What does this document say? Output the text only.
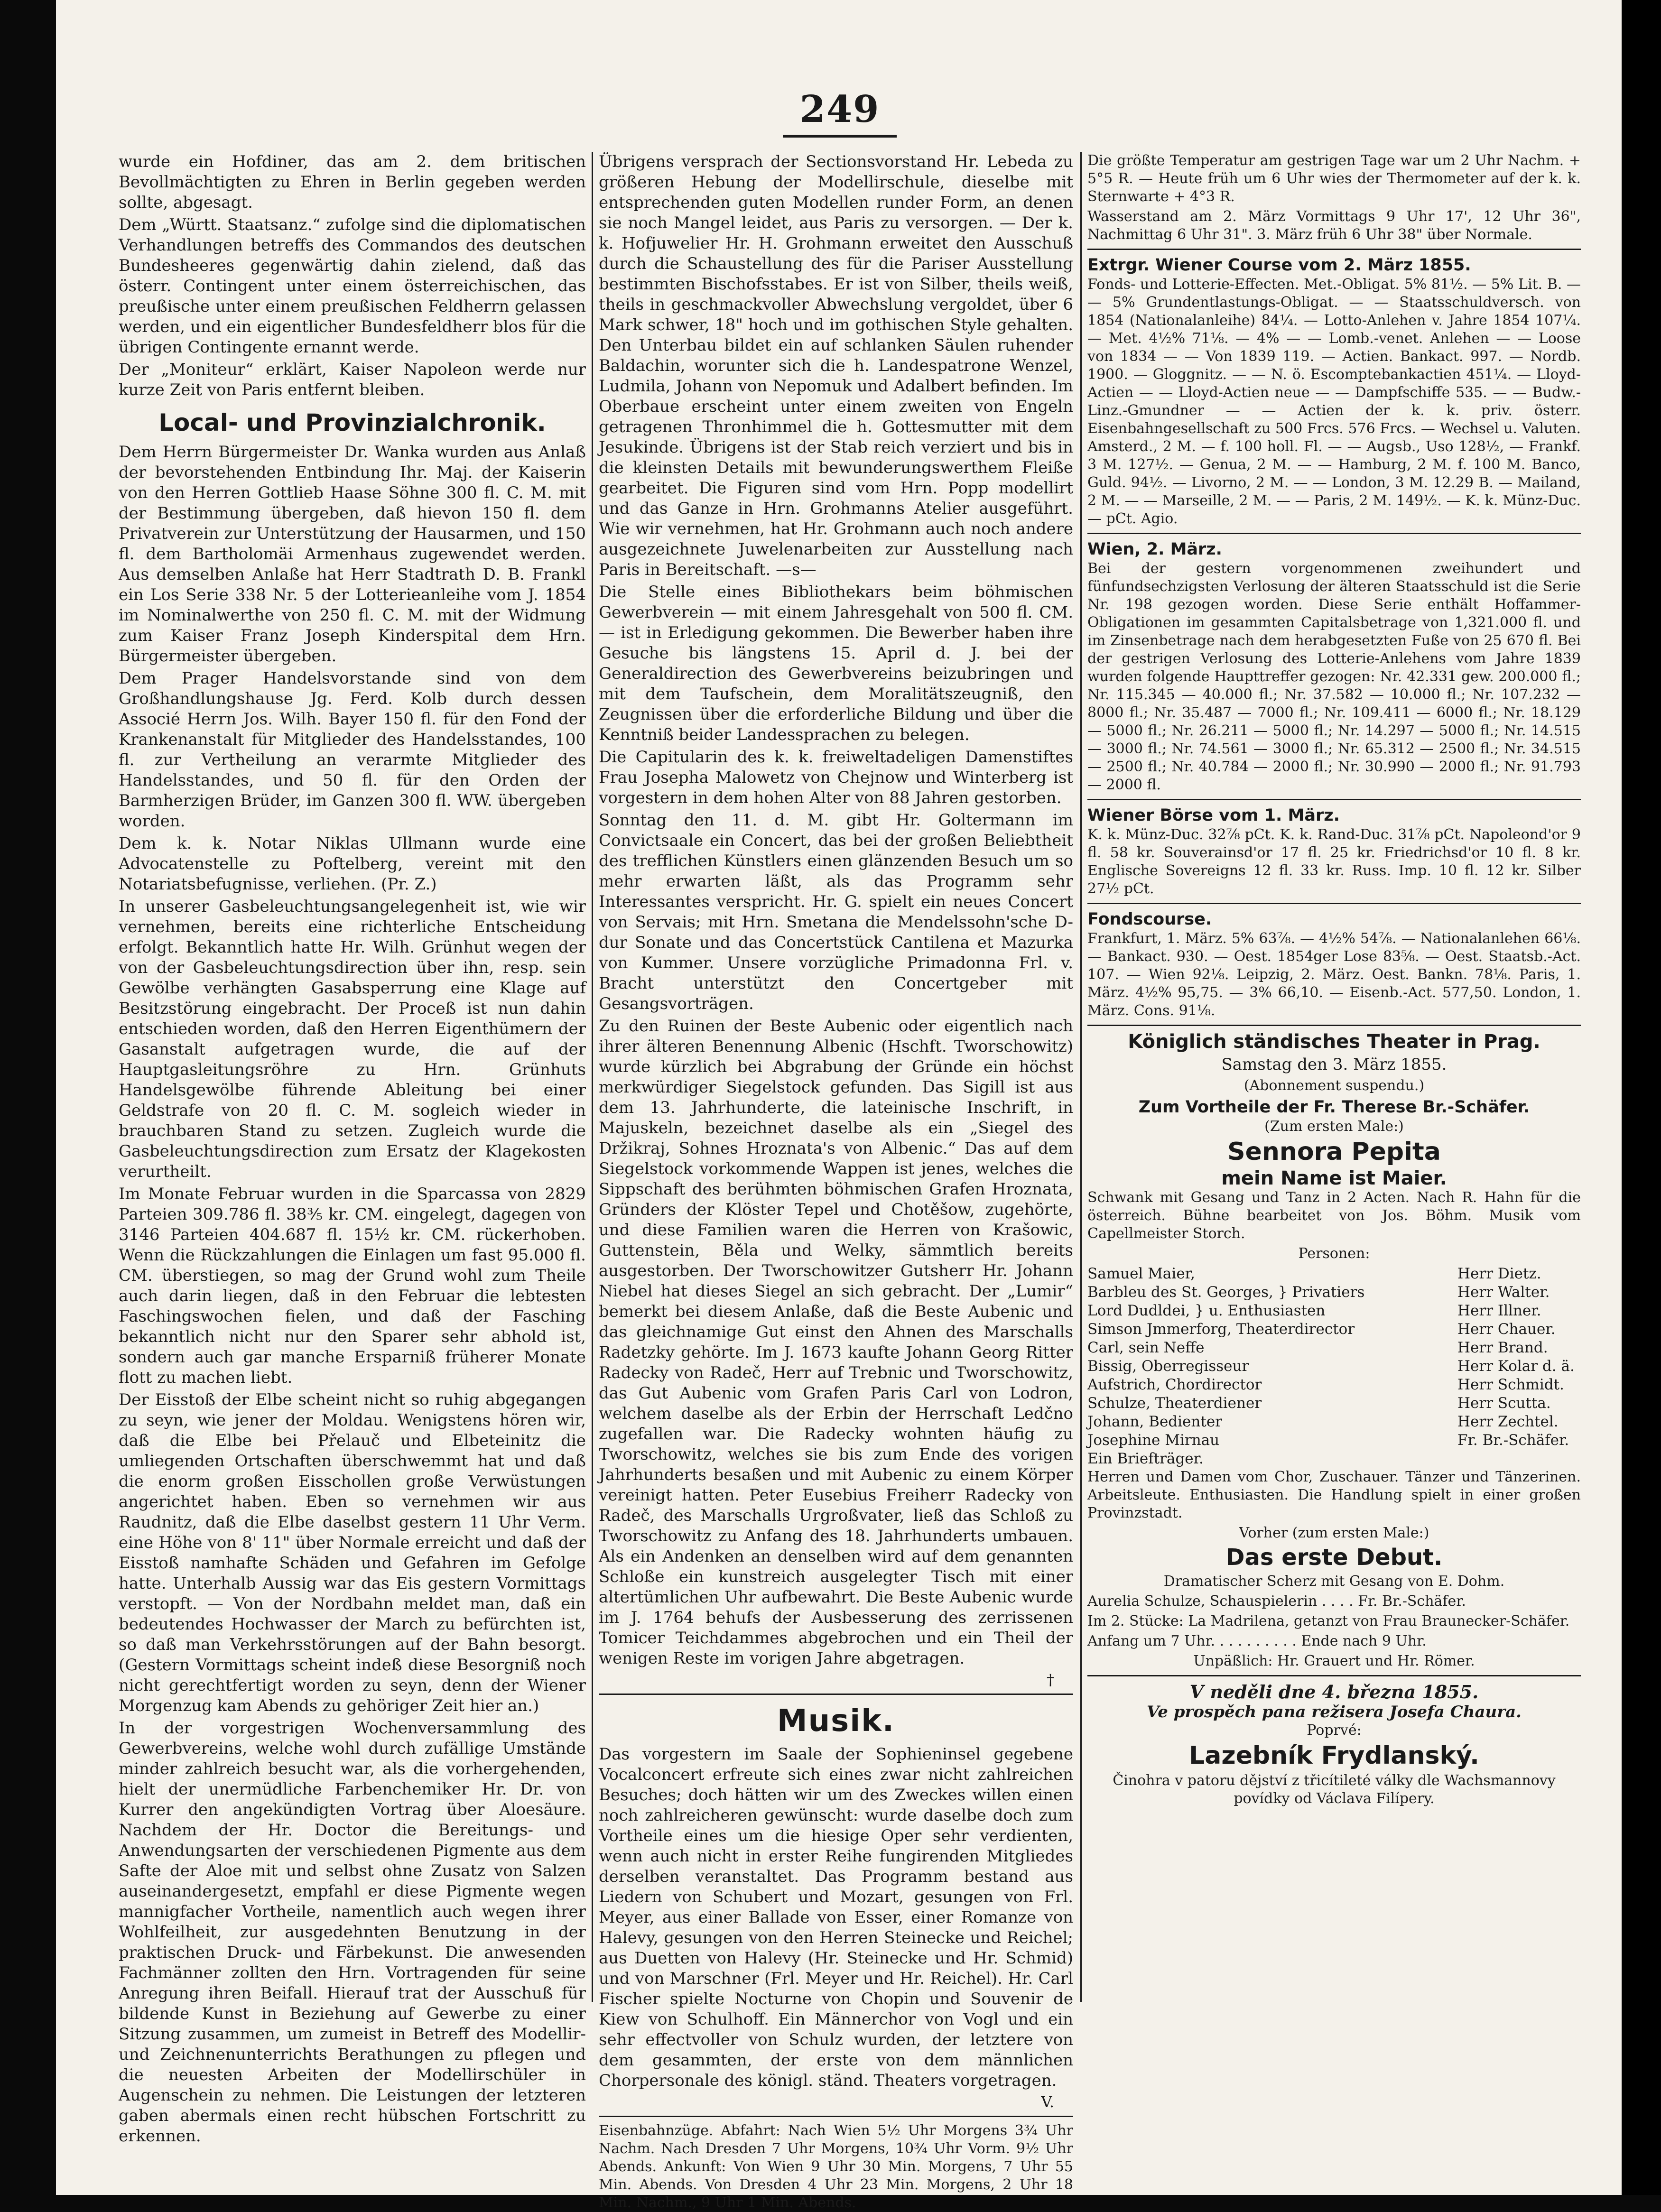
249

wurde ein Hofdiner, das am 2. dem britischen Bevollmächtigten zu Ehren in Berlin gegeben werden sollte, abgesagt.

Dem „Württ. Staatsanz.“ zufolge sind die diplomatischen Verhandlungen betreffs des Commandos des deutschen Bundesheeres gegenwärtig dahin zielend, daß das österr. Contingent unter einem österreichischen, das preußische unter einem preußischen Feldherrn gelassen werden, und ein eigentlicher Bundesfeldherr blos für die übrigen Contingente ernannt werde.

Der „Moniteur“ erklärt, Kaiser Napoleon werde nur kurze Zeit von Paris entfernt bleiben.

Local- und Provinzialchronik.

Dem Herrn Bürgermeister Dr. Wanka wurden aus Anlaß der bevorstehenden Entbindung Ihr. Maj. der Kaiserin von den Herren Gottlieb Haase Söhne 300 fl. C. M. mit der Bestimmung übergeben, daß hievon 150 fl. dem Privatverein zur Unterstützung der Hausarmen, und 150 fl. dem Bartholomäi Armenhaus zugewendet werden. Aus demselben Anlaße hat Herr Stadtrath D. B. Frankl ein Los Serie 338 Nr. 5 der Lotterieanleihe vom J. 1854 im Nominalwerthe von 250 fl. C. M. mit der Widmung zum Kaiser Franz Joseph Kinderspital dem Hrn. Bürgermeister übergeben.

Dem Prager Handelsvorstande sind von dem Großhandlungshause Jg. Ferd. Kolb durch dessen Associé Herrn Jos. Wilh. Bayer 150 fl. für den Fond der Krankenanstalt für Mitglieder des Handelsstandes, 100 fl. zur Vertheilung an verarmte Mitglieder des Handelsstandes, und 50 fl. für den Orden der Barmherzigen Brüder, im Ganzen 300 fl. WW. übergeben worden.

Dem k. k. Notar Niklas Ullmann wurde eine Advocatenstelle zu Poftelberg, vereint mit den Notariatsbefugnisse, verliehen. (Pr. Z.)

In unserer Gasbeleuchtungsangelegenheit ist, wie wir vernehmen, bereits eine richterliche Entscheidung erfolgt. Bekanntlich hatte Hr. Wilh. Grünhut wegen der von der Gasbeleuchtungsdirection über ihn, resp. sein Gewölbe verhängten Gasabsperrung eine Klage auf Besitzstörung eingebracht. Der Proceß ist nun dahin entschieden worden, daß den Herren Eigenthümern der Gasanstalt aufgetragen wurde, die auf der Hauptgasleitungsröhre zu Hrn. Grünhuts Handelsgewölbe führende Ableitung bei einer Geldstrafe von 20 fl. C. M. sogleich wieder in brauchbaren Stand zu setzen. Zugleich wurde die Gasbeleuchtungsdirection zum Ersatz der Klagekosten verurtheilt.

Im Monate Februar wurden in die Sparcassa von 2829 Parteien 309.786 fl. 38⅗ kr. CM. eingelegt, dagegen von 3146 Parteien 404.687 fl. 15½ kr. CM. rückerhoben. Wenn die Rückzahlungen die Einlagen um fast 95.000 fl. CM. überstiegen, so mag der Grund wohl zum Theile auch darin liegen, daß in den Februar die lebtesten Faschingswochen fielen, und daß der Fasching bekanntlich nicht nur den Sparer sehr abhold ist, sondern auch gar manche Ersparniß früherer Monate flott zu machen liebt.

Der Eisstoß der Elbe scheint nicht so ruhig abgegangen zu seyn, wie jener der Moldau. Wenigstens hören wir, daß die Elbe bei Přelauč und Elbeteinitz die umliegenden Ortschaften überschwemmt hat und daß die enorm großen Eisschollen große Verwüstungen angerichtet haben. Eben so vernehmen wir aus Raudnitz, daß die Elbe daselbst gestern 11 Uhr Verm. eine Höhe von 8' 11" über Normale erreicht und daß der Eisstoß namhafte Schäden und Gefahren im Gefolge hatte. Unterhalb Aussig war das Eis gestern Vormittags verstopft. — Von der Nordbahn meldet man, daß ein bedeutendes Hochwasser der March zu befürchten ist, so daß man Verkehrsstörungen auf der Bahn besorgt. (Gestern Vormittags scheint indeß diese Besorgniß noch nicht gerechtfertigt worden zu seyn, denn der Wiener Morgenzug kam Abends zu gehöriger Zeit hier an.)

In der vorgestrigen Wochenversammlung des Gewerbvereins, welche wohl durch zufällige Umstände minder zahlreich besucht war, als die vorhergehenden, hielt der unermüdliche Farbenchemiker Hr. Dr. von Kurrer den angekündigten Vortrag über Aloesäure. Nachdem der Hr. Doctor die Bereitungs- und Anwendungsarten der verschiedenen Pigmente aus dem Safte der Aloe mit und selbst ohne Zusatz von Salzen auseinandergesetzt, empfahl er diese Pigmente wegen mannigfacher Vortheile, namentlich auch wegen ihrer Wohlfeilheit, zur ausgedehnten Benutzung in der praktischen Druck- und Färbekunst. Die anwesenden Fachmänner zollten den Hrn. Vortragenden für seine Anregung ihren Beifall. Hierauf trat der Ausschuß für bildende Kunst in Beziehung auf Gewerbe zu einer Sitzung zusammen, um zumeist in Betreff des Modellir- und Zeichnenunterrichts Berathungen zu pflegen und die neuesten Arbeiten der Modellirschüler in Augenschein zu nehmen. Die Leistungen der letzteren gaben abermals einen recht hübschen Fortschritt zu erkennen.

Übrigens versprach der Sectionsvorstand Hr. Lebeda zu größeren Hebung der Modellirschule, dieselbe mit entsprechenden guten Modellen runder Form, an denen sie noch Mangel leidet, aus Paris zu versorgen. — Der k. k. Hofjuwelier Hr. H. Grohmann erweitet den Ausschuß durch die Schaustellung des für die Pariser Ausstellung bestimmten Bischofsstabes. Er ist von Silber, theils weiß, theils in geschmackvoller Abwechslung vergoldet, über 6 Mark schwer, 18" hoch und im gothischen Style gehalten. Den Unterbau bildet ein auf schlanken Säulen ruhender Baldachin, worunter sich die h. Landespatrone Wenzel, Ludmila, Johann von Nepomuk und Adalbert befinden. Im Oberbaue erscheint unter einem zweiten von Engeln getragenen Thronhimmel die h. Gottesmutter mit dem Jesukinde. Übrigens ist der Stab reich verziert und bis in die kleinsten Details mit bewunderungswerthem Fleiße gearbeitet. Die Figuren sind vom Hrn. Popp modellirt und das Ganze in Hrn. Grohmanns Atelier ausgeführt. Wie wir vernehmen, hat Hr. Grohmann auch noch andere ausgezeichnete Juwelenarbeiten zur Ausstellung nach Paris in Bereitschaft. —s—

Die Stelle eines Bibliothekars beim böhmischen Gewerbverein — mit einem Jahresgehalt von 500 fl. CM. — ist in Erledigung gekommen. Die Bewerber haben ihre Gesuche bis längstens 15. April d. J. bei der Generaldirection des Gewerbvereins beizubringen und mit dem Taufschein, dem Moralitätszeugniß, den Zeugnissen über die erforderliche Bildung und über die Kenntniß beider Landessprachen zu belegen.

Die Capitularin des k. k. freiweltadeligen Damenstiftes Frau Josepha Malowetz von Chejnow und Winterberg ist vorgestern in dem hohen Alter von 88 Jahren gestorben.

Sonntag den 11. d. M. gibt Hr. Goltermann im Convictsaale ein Concert, das bei der großen Beliebtheit des trefflichen Künstlers einen glänzenden Besuch um so mehr erwarten läßt, als das Programm sehr Interessantes verspricht. Hr. G. spielt ein neues Concert von Servais; mit Hrn. Smetana die Mendelssohn'sche D-dur Sonate und das Concertstück Cantilena et Mazurka von Kummer. Unsere vorzügliche Primadonna Frl. v. Bracht unterstützt den Concertgeber mit Gesangsvorträgen.

Zu den Ruinen der Beste Aubenic oder eigentlich nach ihrer älteren Benennung Albenic (Hschft. Tworschowitz) wurde kürzlich bei Abgrabung der Gründe ein höchst merkwürdiger Siegelstock gefunden. Das Sigill ist aus dem 13. Jahrhunderte, die lateinische Inschrift, in Majuskeln, bezeichnet daselbe als ein „Siegel des Držikraj, Sohnes Hroznata's von Albenic.“ Das auf dem Siegelstock vorkommende Wappen ist jenes, welches die Sippschaft des berühmten böhmischen Grafen Hroznata, Gründers der Klöster Tepel und Chotěšow, zugehörte, und diese Familien waren die Herren von Krašowic, Guttenstein, Běla und Welky, sämmtlich bereits ausgestorben. Der Tworschowitzer Gutsherr Hr. Johann Niebel hat dieses Siegel an sich gebracht. Der „Lumir“ bemerkt bei diesem Anlaße, daß die Beste Aubenic und das gleichnamige Gut einst den Ahnen des Marschalls Radetzky gehörte. Im J. 1673 kaufte Johann Georg Ritter Radecky von Radeč, Herr auf Trebnic und Tworschowitz, das Gut Aubenic vom Grafen Paris Carl von Lodron, welchem daselbe als der Erbin der Herrschaft Ledčno zugefallen war. Die Radecky wohnten häufig zu Tworschowitz, welches sie bis zum Ende des vorigen Jahrhunderts besaßen und mit Aubenic zu einem Körper vereinigt hatten. Peter Eusebius Freiherr Radecky von Radeč, des Marschalls Urgroßvater, ließ das Schloß zu Tworschowitz zu Anfang des 18. Jahrhunderts umbauen. Als ein Andenken an denselben wird auf dem genannten Schloße ein kunstreich ausgelegter Tisch mit einer altertümlichen Uhr aufbewahrt. Die Beste Aubenic wurde im J. 1764 behufs der Ausbesserung des zerrissenen Tomicer Teichdammes abgebrochen und ein Theil der wenigen Reste im vorigen Jahre abgetragen.

†
Musik.

Das vorgestern im Saale der Sophieninsel gegebene Vocalconcert erfreute sich eines zwar nicht zahlreichen Besuches; doch hätten wir um des Zweckes willen einen noch zahlreicheren gewünscht: wurde daselbe doch zum Vortheile eines um die hiesige Oper sehr verdienten, wenn auch nicht in erster Reihe fungirenden Mitgliedes derselben veranstaltet. Das Programm bestand aus Liedern von Schubert und Mozart, gesungen von Frl. Meyer, aus einer Ballade von Esser, einer Romanze von Halevy, gesungen von den Herren Steinecke und Reichel; aus Duetten von Halevy (Hr. Steinecke und Hr. Schmid) und von Marschner (Frl. Meyer und Hr. Reichel). Hr. Carl Fischer spielte Nocturne von Chopin und Souvenir de Kiew von Schulhoff. Ein Männerchor von Vogl und ein sehr effectvoller von Schulz wurden, der letztere von dem gesammten, der erste von dem männlichen Chorpersonale des königl. ständ. Theaters vorgetragen.

V.

Eisenbahnzüge. Abfahrt: Nach Wien 5½ Uhr Morgens 3¾ Uhr Nachm. Nach Dresden 7 Uhr Morgens, 10¾ Uhr Vorm. 9½ Uhr Abends. Ankunft: Von Wien 9 Uhr 30 Min. Morgens, 7 Uhr 55 Min. Abends. Von Dresden 4 Uhr 23 Min. Morgens, 2 Uhr 18 Min. Nachm., 9 Uhr 1 Min. Abends.

Die größte Temperatur am gestrigen Tage war um 2 Uhr Nachm. + 5°5 R. — Heute früh um 6 Uhr wies der Thermometer auf der k. k. Sternwarte + 4°3 R.

Wasserstand am 2. März Vormittags 9 Uhr 17', 12 Uhr 36", Nachmittag 6 Uhr 31". 3. März früh 6 Uhr 38" über Normale.

Extrgr. Wiener Course vom 2. März 1855.

Fonds- und Lotterie-Effecten. Met.-Obligat. 5% 81½. — 5% Lit. B. — — 5% Grundentlastungs-Obligat. — — Staatsschuldversch. von 1854 (Nationalanleihe) 84¼. — Lotto-Anlehen v. Jahre 1854 107¼. — Met. 4½% 71⅛. — 4% — — Lomb.-venet. Anlehen — — Loose von 1834 — — Von 1839 119. — Actien. Bankact. 997. — Nordb. 1900. — Gloggnitz. — — N. ö. Escomptebankactien 451¼. — Lloyd-Actien — — Lloyd-Actien neue — — Dampfschiffe 535. — — Budw.-Linz.-Gmundner — — Actien der k. k. priv. österr. Eisenbahngesellschaft zu 500 Frcs. 576 Frcs. — Wechsel u. Valuten. Amsterd., 2 M. — f. 100 holl. Fl. — — Augsb., Uso 128½, — Frankf. 3 M. 127½. — Genua, 2 M. — — Hamburg, 2 M. f. 100 M. Banco, Guld. 94½. — Livorno, 2 M. — — London, 3 M. 12.29 B. — Mailand, 2 M. — — Marseille, 2 M. — — Paris, 2 M. 149½. — K. k. Münz-Duc. — pCt. Agio.

Wien, 2. März.

Bei der gestern vorgenommenen zweihundert und fünfundsechzigsten Verlosung der älteren Staatsschuld ist die Serie Nr. 198 gezogen worden. Diese Serie enthält Hoffammer-Obligationen im gesammten Capitalsbetrage von 1,321.000 fl. und im Zinsenbetrage nach dem herabgesetzten Fuße von 25 670 fl. Bei der gestrigen Verlosung des Lotterie-Anlehens vom Jahre 1839 wurden folgende Haupttreffer gezogen: Nr. 42.331 gew. 200.000 fl.; Nr. 115.345 — 40.000 fl.; Nr. 37.582 — 10.000 fl.; Nr. 107.232 — 8000 fl.; Nr. 35.487 — 7000 fl.; Nr. 109.411 — 6000 fl.; Nr. 18.129 — 5000 fl.; Nr. 26.211 — 5000 fl.; Nr. 14.297 — 5000 fl.; Nr. 14.515 — 3000 fl.; Nr. 74.561 — 3000 fl.; Nr. 65.312 — 2500 fl.; Nr. 34.515 — 2500 fl.; Nr. 40.784 — 2000 fl.; Nr. 30.990 — 2000 fl.; Nr. 91.793 — 2000 fl.

Wiener Börse vom 1. März.

K. k. Münz-Duc. 32⅞ pCt. K. k. Rand-Duc. 31⅞ pCt. Napoleond'or 9 fl. 58 kr. Souverainsd'or 17 fl. 25 kr. Friedrichsd'or 10 fl. 8 kr. Englische Sovereigns 12 fl. 33 kr. Russ. Imp. 10 fl. 12 kr. Silber 27½ pCt.

Fondscourse.

Frankfurt, 1. März. 5% 63⅞. — 4½% 54⅞. — Nationalanlehen 66⅛. — Bankact. 930. — Oest. 1854ger Lose 83⅝. — Oest. Staatsb.-Act. 107. — Wien 92⅛. Leipzig, 2. März. Oest. Bankn. 78⅛. Paris, 1. März. 4½% 95,75. — 3% 66,10. — Eisenb.-Act. 577,50. London, 1. März. Cons. 91⅛.

Königlich ständisches Theater in Prag.

Samstag den 3. März 1855.

(Abonnement suspendu.)

Zum Vortheile der Fr. Therese Br.-Schäfer.

(Zum ersten Male:)

Sennora Pepita
mein Name ist Maier.

Schwank mit Gesang und Tanz in 2 Acten. Nach R. Hahn für die österreich. Bühne bearbeitet von Jos. Böhm. Musik vom Capellmeister Storch.

Personen:

Samuel Maier,	Herr Dietz.
Barbleu des St. Georges, } Privatiers	Herr Walter.
Lord Dudldei, } u. Enthusiasten	Herr Illner.
Simson Jmmerforg, Theaterdirector	Herr Chauer.
Carl, sein Neffe	Herr Brand.
Bissig, Oberregisseur	Herr Kolar d. ä.
Aufstrich, Chordirector	Herr Schmidt.
Schulze, Theaterdiener	Herr Scutta.
Johann, Bedienter	Herr Zechtel.
Josephine Mirnau	Fr. Br.-Schäfer.
Ein Briefträger.

Herren und Damen vom Chor, Zuschauer. Tänzer und Tänzerinen. Arbeitsleute. Enthusiasten. Die Handlung spielt in einer großen Provinzstadt.

Vorher (zum ersten Male:)

Das erste Debut.

Dramatischer Scherz mit Gesang von E. Dohm.

Aurelia Schulze, Schauspielerin . . . . Fr. Br.-Schäfer.

Im 2. Stücke: La Madrilena, getanzt von Frau Braunecker-Schäfer.

Anfang um 7 Uhr. . . . . . . . . . Ende nach 9 Uhr.

Unpäßlich: Hr. Grauert und Hr. Römer.

V neděli dne 4. března 1855.
Ve prospěch pana režisera Josefa Chaura.

Poprvé:

Lazebník Frydlanský.

Činohra v patoru dějství z třicítileté války dle Wachsmannovy povídky od Václava Filípery.
